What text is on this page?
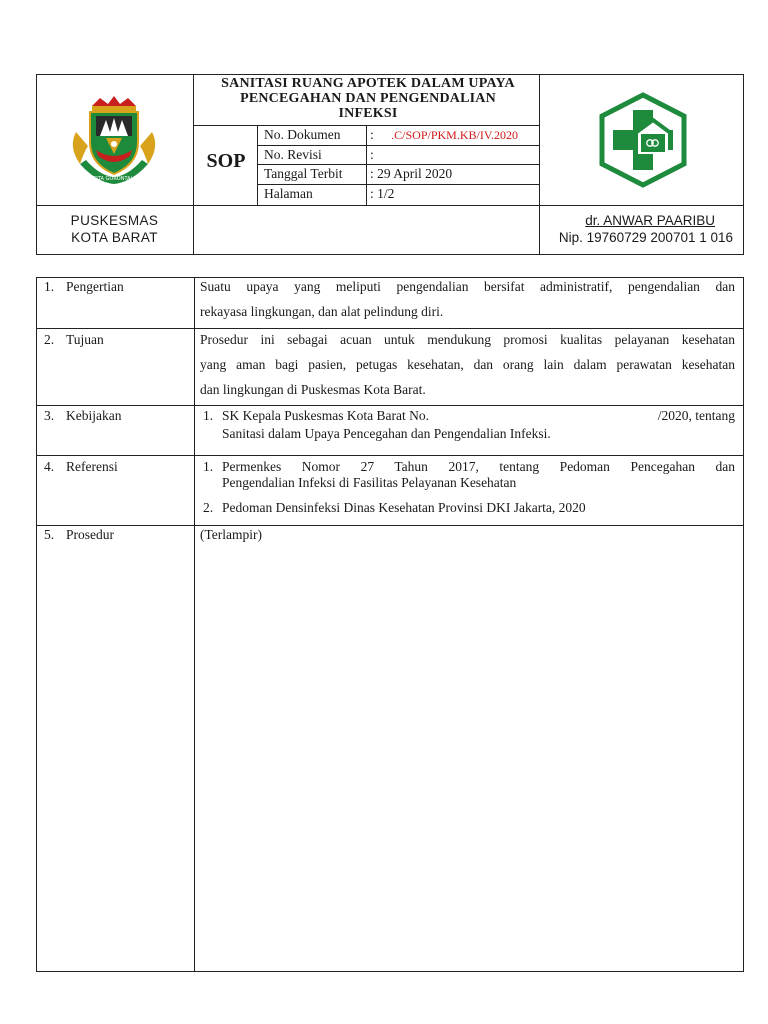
KOTA GORONTALO
SANITASI RUANG APOTEK DALAM UPAYA
PENCEGAHAN DAN PENGENDALIAN
INFEKSI
SOP
No. Dokumen : .C/SOP/PKM.KB/IV.2020
No. Revisi	:
Tanggal Terbit : 29 April 2020
Halaman	: 1/2
PUSKESMAS
KOTA BARAT
dr. ANWAR PAARIBU
Nip. 19760729 200701 1 016
1. Pengertian	Suatu upaya yang meliputi pengendalian bersifat administratif, pengendalian dan
rekayasa lingkungan, dan alat pelindung diri.
2. Tujuan	Prosedur ini sebagai acuan untuk mendukung promosi kualitas pelayanan kesehatan
yang aman bagi pasien, petugas kesehatan, dan orang lain dalam perawatan kesehatan
dan lingkungan di Puskesmas Kota Barat.
3. Kebijakan	1. SK Kepala Puskesmas Kota Barat No.	/2020, tentang
Sanitasi dalam Upaya Pencegahan dan Pengendalian Infeksi.
4. Referensi	1. Permenkes Nomor 27 Tahun 2017, tentang Pedoman Pencegahan dan
Pengendalian Infeksi di Fasilitas Pelayanan Kesehatan
2. Pedoman Densinfeksi Dinas Kesehatan Provinsi DKI Jakarta, 2020
5. Prosedur	(Terlampir)
